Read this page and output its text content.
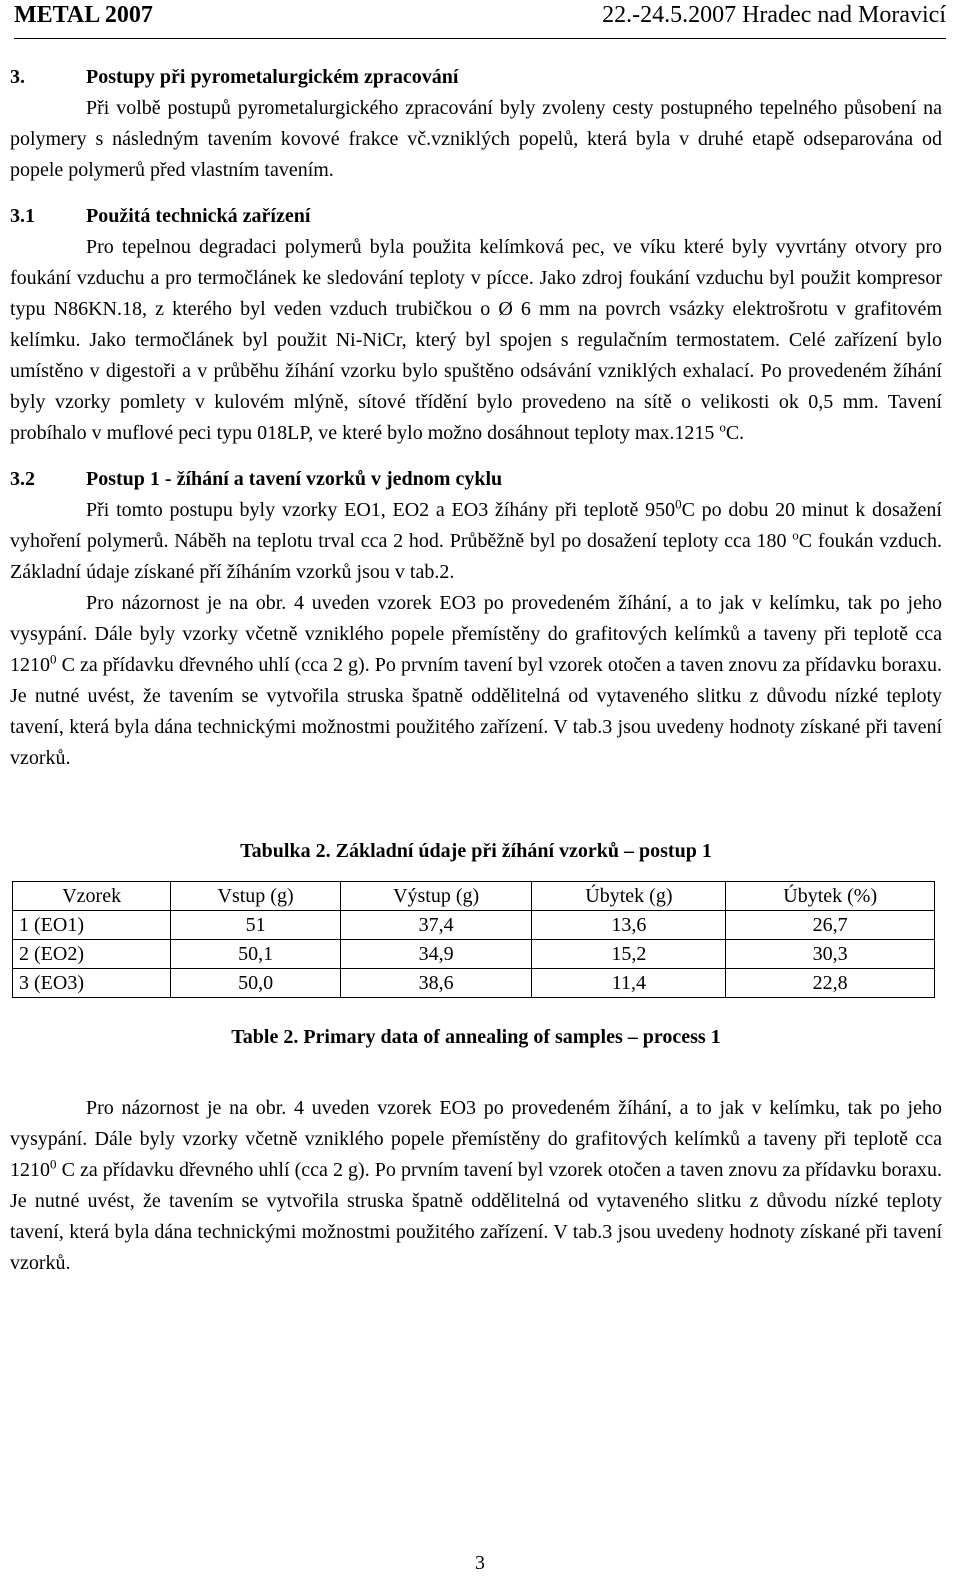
METAL 2007	22.-24.5.2007 Hradec nad Moravicí
3.	Postupy při pyrometalurgickém zpracování

Při volbě postupů pyrometalurgického zpracování byly zvoleny cesty postupného tepelného působení na polymery s následným tavením kovové frakce vč.vzniklých popelů, která byla v druhé etapě odseparována od popele polymerů před vlastním tavením.

3.1	Použitá technická zařízení

Pro tepelnou degradaci polymerů byla použita kelímková pec, ve víku které byly vyvrtány otvory pro foukání vzduchu a pro termočlánek ke sledování teploty v pícce. Jako zdroj foukání vzduchu byl použit kompresor typu N86KN.18, z kterého byl veden vzduch trubičkou o Ø 6 mm na povrch vsázky elektrošrotu v grafitovém kelímku. Jako termočlánek byl použit Ni-NiCr, který byl spojen s regulačním termostatem. Celé zařízení bylo umístěno v digestoři a v průběhu žíhání vzorku bylo spuštěno odsávání vzniklých exhalací. Po provedeném žíhání byly vzorky pomlety v kulovém mlýně, sítové třídění bylo provedeno na sítě o velikosti ok 0,5 mm. Tavení probíhalo v muflové peci typu 018LP, ve které bylo možno dosáhnout teploty max.1215 $^o$C.

3.2	Postup 1 - žíhání a tavení vzorků v jednom cyklu

Při tomto postupu byly vzorky EO1, EO2 a EO3 žíhány při teplotě $950^0C$ po dobu 20 minut k dosažení vyhoření polymerů. Náběh na teplotu trval cca 2 hod. Průběžně byl po dosažení teploty cca 180 $^o$C foukán vzduch. Základní údaje získané pří žíháním vzorků jsou v tab.2.

Pro názornost je na obr. 4 uveden vzorek EO3 po provedeném žíhání, a to jak v kelímku, tak po jeho vysypání. Dále byly vzorky včetně vzniklého popele přemístěny do grafitových kelímků a taveny při teplotě cca 1210$^0$ C za přídavku dřevného uhlí (cca 2 g). Po prvním tavení byl vzorek otočen a taven znovu za přídavku boraxu. Je nutné uvést, že tavením se vytvořila struska špatně oddělitelná od vytaveného slitku z důvodu nízké teploty tavení, která byla dána technickými možnostmi použitého zařízení. V tab.3 jsou uvedeny hodnoty získané při tavení vzorků.

Tabulka 2. Základní údaje při žíhání vzorků – postup 1
Vzorek	Vstup (g)	Výstup (g)	Úbytek (g)	Úbytek (%)
1 (EO1)	51	37,4	13,6	26,7
2 (EO2)	50,1	34,9	15,2	30,3
3 (EO3)	50,0	38,6	11,4	22,8
Table 2. Primary data of annealing of samples – process 1

Pro názornost je na obr. 4 uveden vzorek EO3 po provedeném žíhání, a to jak v kelímku, tak po jeho vysypání. Dále byly vzorky včetně vzniklého popele přemístěny do grafitových kelímků a taveny při teplotě cca 1210$^0$ C za přídavku dřevného uhlí (cca 2 g). Po prvním tavení byl vzorek otočen a taven znovu za přídavku boraxu. Je nutné uvést, že tavením se vytvořila struska špatně oddělitelná od vytaveného slitku z důvodu nízké teploty tavení, která byla dána technickými možnostmi použitého zařízení. V tab.3 jsou uvedeny hodnoty získané při tavení vzorků.

3
